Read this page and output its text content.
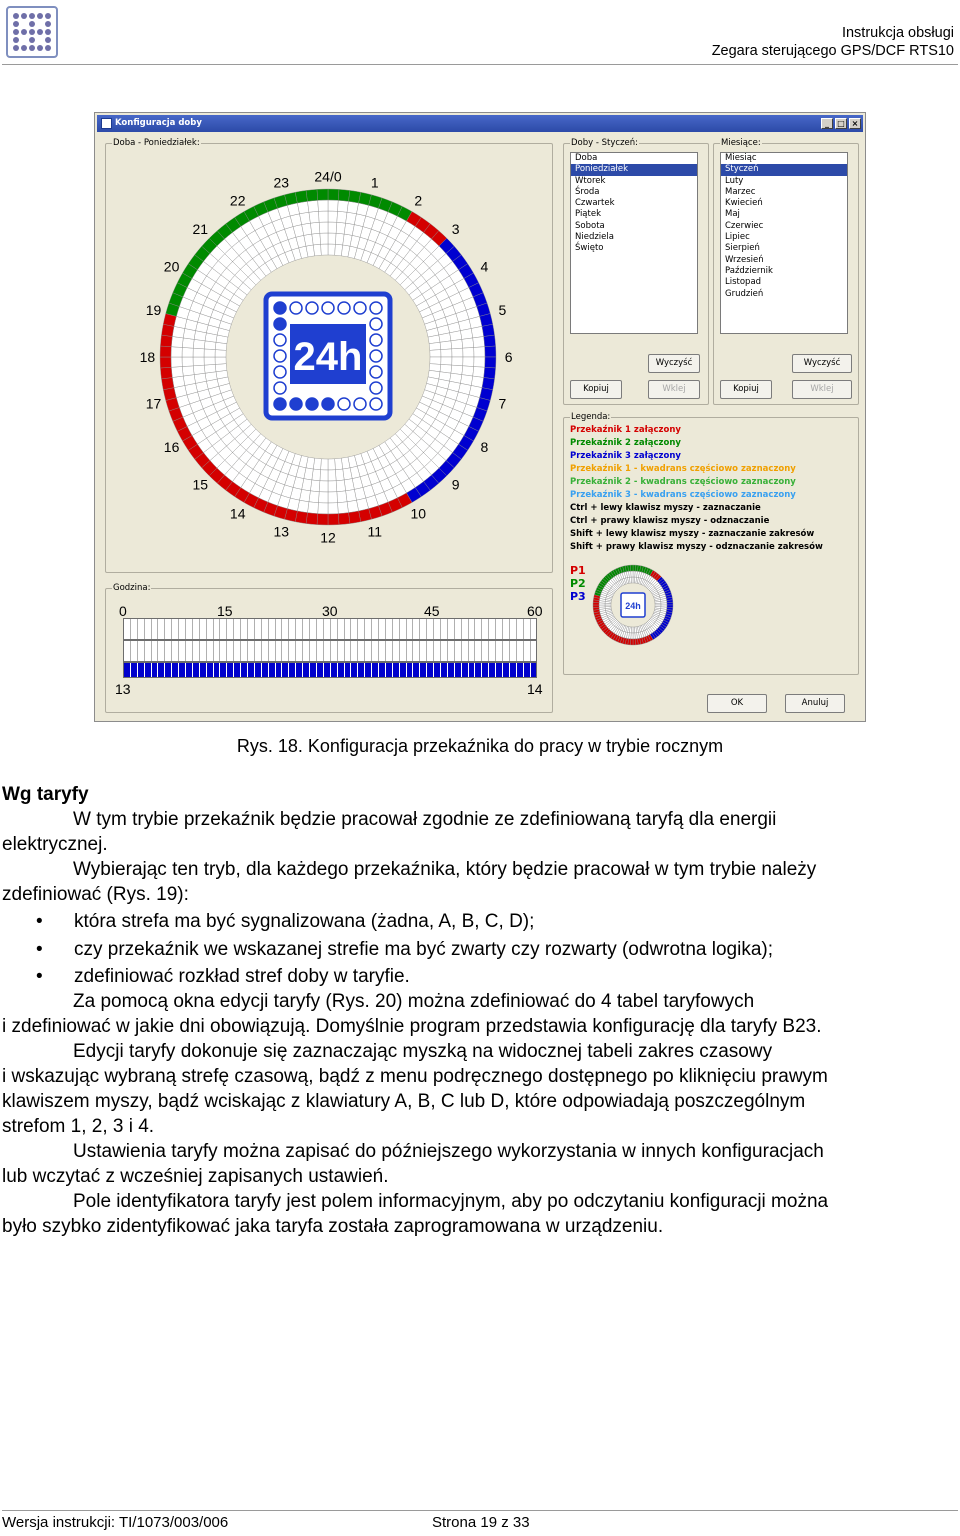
Instrukcja obsługi
Zegara sterującego GPS/DCF RTS10
Konfiguracja doby	_	□ ×
Doba - Poniedziałek:
24/0 1
2
3
4
5
6
7
8
9
10
11
12
13
14
15
16
17
18
19
20
21
22
23
24h
Godzina:
0	15	30	45	60
13	14
Doby - Styczeń:
Doba
Poniedziałek
Wtorek
Środa
Czwartek
Piątek
Sobota
Niedziela
Święto
Wyczyść
Kopiuj	Wklej
Miesiące:
Miesiąc
Styczeń
Luty
Marzec
Kwiecień
Maj
Czerwiec
Lipiec
Sierpień
Wrzesień
Październik
Listopad
Grudzień
Wyczyść
Kopiuj	Wklej
Legenda:
Przekaźnik 1 załączony
Przekaźnik 2 załączony
Przekaźnik 3 załączony
Przekaźnik 1 - kwadrans częściowo zaznaczony
Przekaźnik 2 - kwadrans częściowo zaznaczony
Przekaźnik 3 - kwadrans częściowo zaznaczony
Ctrl + lewy klawisz myszy - zaznaczanie
Ctrl + prawy klawisz myszy - odznaczanie
Shift + lewy klawisz myszy - zaznaczanie zakresów
Shift + prawy klawisz myszy - odznaczanie zakresów
P1
P2
P3
24h
OK	Anuluj
Rys. 18. Konfiguracja przekaźnika do pracy w trybie rocznym
Wg taryfy
W tym trybie przekaźnik będzie pracował zgodnie ze zdefiniowaną taryfą dla energii
elektrycznej.
Wybierając ten tryb, dla każdego przekaźnika, który będzie pracował w tym trybie należy
zdefiniować (Rys. 19):
• która strefa ma być sygnalizowana (żadna, A, B, C, D);
• czy przekaźnik we wskazanej strefie ma być zwarty czy rozwarty (odwrotna logika);
• zdefiniować rozkład stref doby w taryfie.
Za pomocą okna edycji taryfy (Rys. 20) można zdefiniować do 4 tabel taryfowych
i zdefiniować w jakie dni obowiązują. Domyślnie program przedstawia konfigurację dla taryfy B23.
Edycji taryfy dokonuje się zaznaczając myszką na widocznej tabeli zakres czasowy
i wskazując wybraną strefę czasową, bądź z menu podręcznego dostępnego po kliknięciu prawym
klawiszem myszy, bądź wciskając z klawiatury A, B, C lub D, które odpowiadają poszczególnym
strefom 1, 2, 3 i 4.
Ustawienia taryfy można zapisać do późniejszego wykorzystania w innych konfiguracjach
lub wczytać z wcześniej zapisanych ustawień.
Pole identyfikatora taryfy jest polem informacyjnym, aby po odczytaniu konfiguracji można
było szybko zidentyfikować jaka taryfa została zaprogramowana w urządzeniu.
Wersja instrukcji: TI/1073/003/006	Strona 19 z 33
